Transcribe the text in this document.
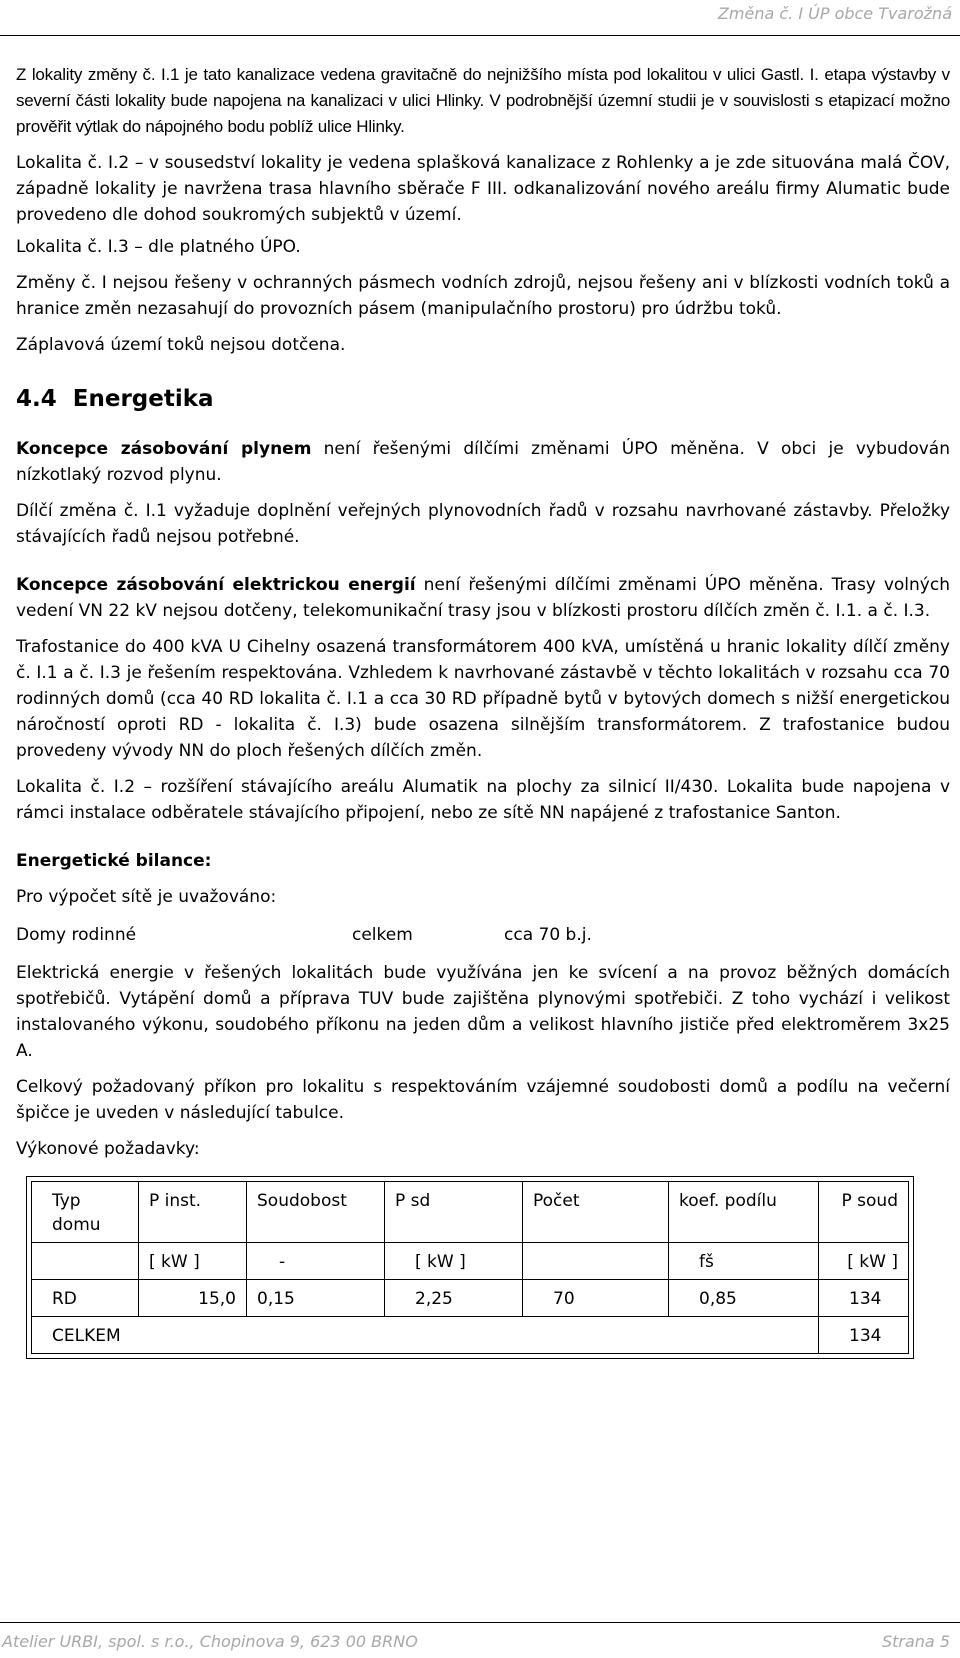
Změna č. I ÚP obce Tvarožná

Z lokality změny č. I.1 je tato kanalizace vedena gravitačně do nejnižšího místa pod lokalitou v ulici Gastl. I. etapa výstavby v severní části lokality bude napojena na kanalizaci v ulici Hlinky. V podrobnější územní studii je v souvislosti s etapizací možno prověřit výtlak do nápojného bodu poblíž ulice Hlinky.

Lokalita č. I.2 – v sousedství lokality je vedena splašková kanalizace z Rohlenky a je zde situována malá ČOV, západně lokality je navržena trasa hlavního sběrače F III. odkanalizování nového areálu firmy Alumatic bude provedeno dle dohod soukromých subjektů v území.

Lokalita č. I.3 – dle platného ÚPO.

Změny č. I nejsou řešeny v ochranných pásmech vodních zdrojů, nejsou řešeny ani v blízkosti vodních toků a hranice změn nezasahují do provozních pásem (manipulačního prostoru) pro údržbu toků.

Záplavová území toků nejsou dotčena.

4.4 Energetika

Koncepce zásobování plynem není řešenými dílčími změnami ÚPO měněna. V obci je vybudován nízkotlaký rozvod plynu.

Dílčí změna č. I.1 vyžaduje doplnění veřejných plynovodních řadů v rozsahu navrhované zástavby. Přeložky stávajících řadů nejsou potřebné.

Koncepce zásobování elektrickou energií není řešenými dílčími změnami ÚPO měněna. Trasy volných vedení VN 22 kV nejsou dotčeny, telekomunikační trasy jsou v blízkosti prostoru dílčích změn č. I.1. a č. I.3.

Trafostanice do 400 kVA U Cihelny osazená transformátorem 400 kVA, umístěná u hranic lokality dílčí změny č. I.1 a č. I.3 je řešením respektována. Vzhledem k navrhované zástavbě v těchto lokalitách v rozsahu cca 70 rodinných domů (cca 40 RD lokalita č. I.1 a cca 30 RD případně bytů v bytových domech s nižší energetickou náročností oproti RD - lokalita č. I.3) bude osazena silnějším transformátorem. Z trafostanice budou provedeny vývody NN do ploch řešených dílčích změn.

Lokalita č. I.2 – rozšíření stávajícího areálu Alumatik na plochy za silnicí II/430. Lokalita bude napojena v rámci instalace odběratele stávajícího připojení, nebo ze sítě NN napájené z trafostanice Santon.

Energetické bilance:

Pro výpočet sítě je uvažováno:

Domy rodinné	celkem	cca 70 b.j.

Elektrická energie v řešených lokalitách bude využívána jen ke svícení a na provoz běžných domácích spotřebičů. Vytápění domů a příprava TUV bude zajištěna plynovými spotřebiči. Z toho vychází i velikost instalovaného výkonu, soudobého příkonu na jeden dům a velikost hlavního jističe před elektroměrem 3x25 A.

Celkový požadovaný příkon pro lokalitu s respektováním vzájemné soudobosti domů a podílu na večerní špičce je uveden v následující tabulce.

Výkonové požadavky:

Typ domu	P inst.	Soudobost	P sd	Počet	koef. podílu	P soud
	[ kW ]	-	[ kW ]		fš	[ kW ]
RD	15,0	0,15	2,25	70	0,85	134
CELKEM						134
Atelier URBI, spol. s r.o., Chopinova 9, 623 00 BRNO	Strana 5
